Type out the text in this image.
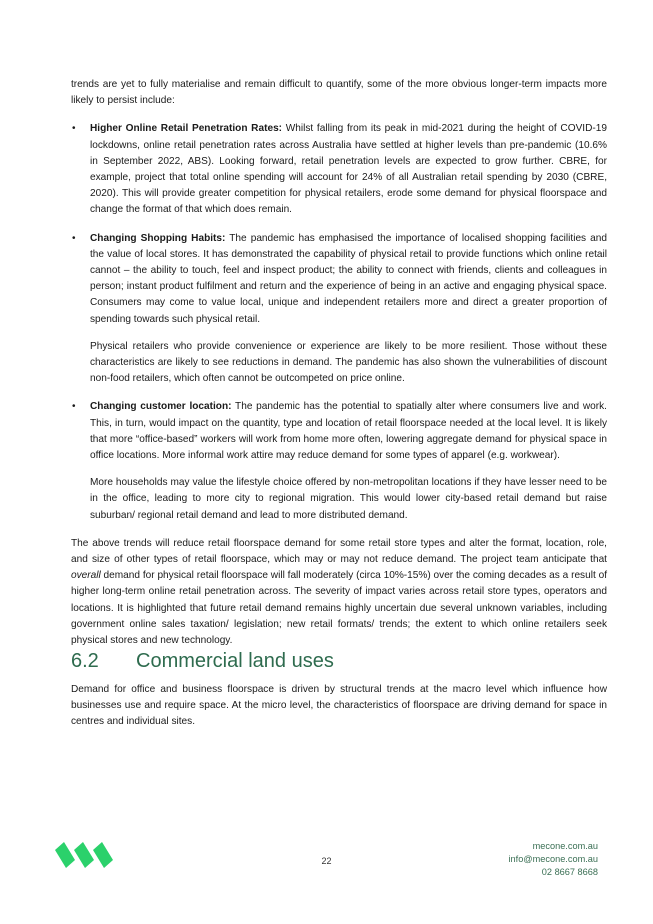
trends are yet to fully materialise and remain difficult to quantify, some of the more obvious longer-term impacts more likely to persist include:

• Higher Online Retail Penetration Rates: Whilst falling from its peak in mid-2021 during the height of COVID-19 lockdowns, online retail penetration rates across Australia have settled at higher levels than pre-pandemic (10.6% in September 2022, ABS). Looking forward, retail penetration levels are expected to grow further. CBRE, for example, project that total online spending will account for 24% of all Australian retail spending by 2030 (CBRE, 2020). This will provide greater competition for physical retailers, erode some demand for physical floorspace and change the format of that which does remain.

• Changing Shopping Habits: The pandemic has emphasised the importance of localised shopping facilities and the value of local stores. It has demonstrated the capability of physical retail to provide functions which online retail cannot – the ability to touch, feel and inspect product; the ability to connect with friends, clients and colleagues in person; instant product fulfilment and return and the experience of being in an active and engaging physical space. Consumers may come to value local, unique and independent retailers more and direct a greater proportion of spending towards such physical retail.

Physical retailers who provide convenience or experience are likely to be more resilient. Those without these characteristics are likely to see reductions in demand. The pandemic has also shown the vulnerabilities of discount non-food retailers, which often cannot be outcompeted on price online.

• Changing customer location: The pandemic has the potential to spatially alter where consumers live and work. This, in turn, would impact on the quantity, type and location of retail floorspace needed at the local level. It is likely that more “office-based” workers will work from home more often, lowering aggregate demand for physical space in office locations. More informal work attire may reduce demand for some types of apparel (e.g. workwear).

More households may value the lifestyle choice offered by non-metropolitan locations if they have lesser need to be in the office, leading to more city to regional migration. This would lower city-based retail demand but raise suburban/ regional retail demand and lead to more distributed demand.

The above trends will reduce retail floorspace demand for some retail store types and alter the format, location, role, and size of other types of retail floorspace, which may or may not reduce demand. The project team anticipate that overall demand for physical retail floorspace will fall moderately (circa 10%-15%) over the coming decades as a result of higher long-term online retail penetration across. The severity of impact varies across retail store types, operators and locations. It is highlighted that future retail demand remains highly uncertain due several unknown variables, including government online sales taxation/ legislation; new retail formats/ trends; the extent to which online retailers seek physical stores and new technology.

6.2	Commercial land uses

Demand for office and business floorspace is driven by structural trends at the macro level which influence how businesses use and require space. At the micro level, the characteristics of floorspace are driving demand for space in centres and individual sites.

22
mecone.com.au
info@mecone.com.au
02 8667 8668
